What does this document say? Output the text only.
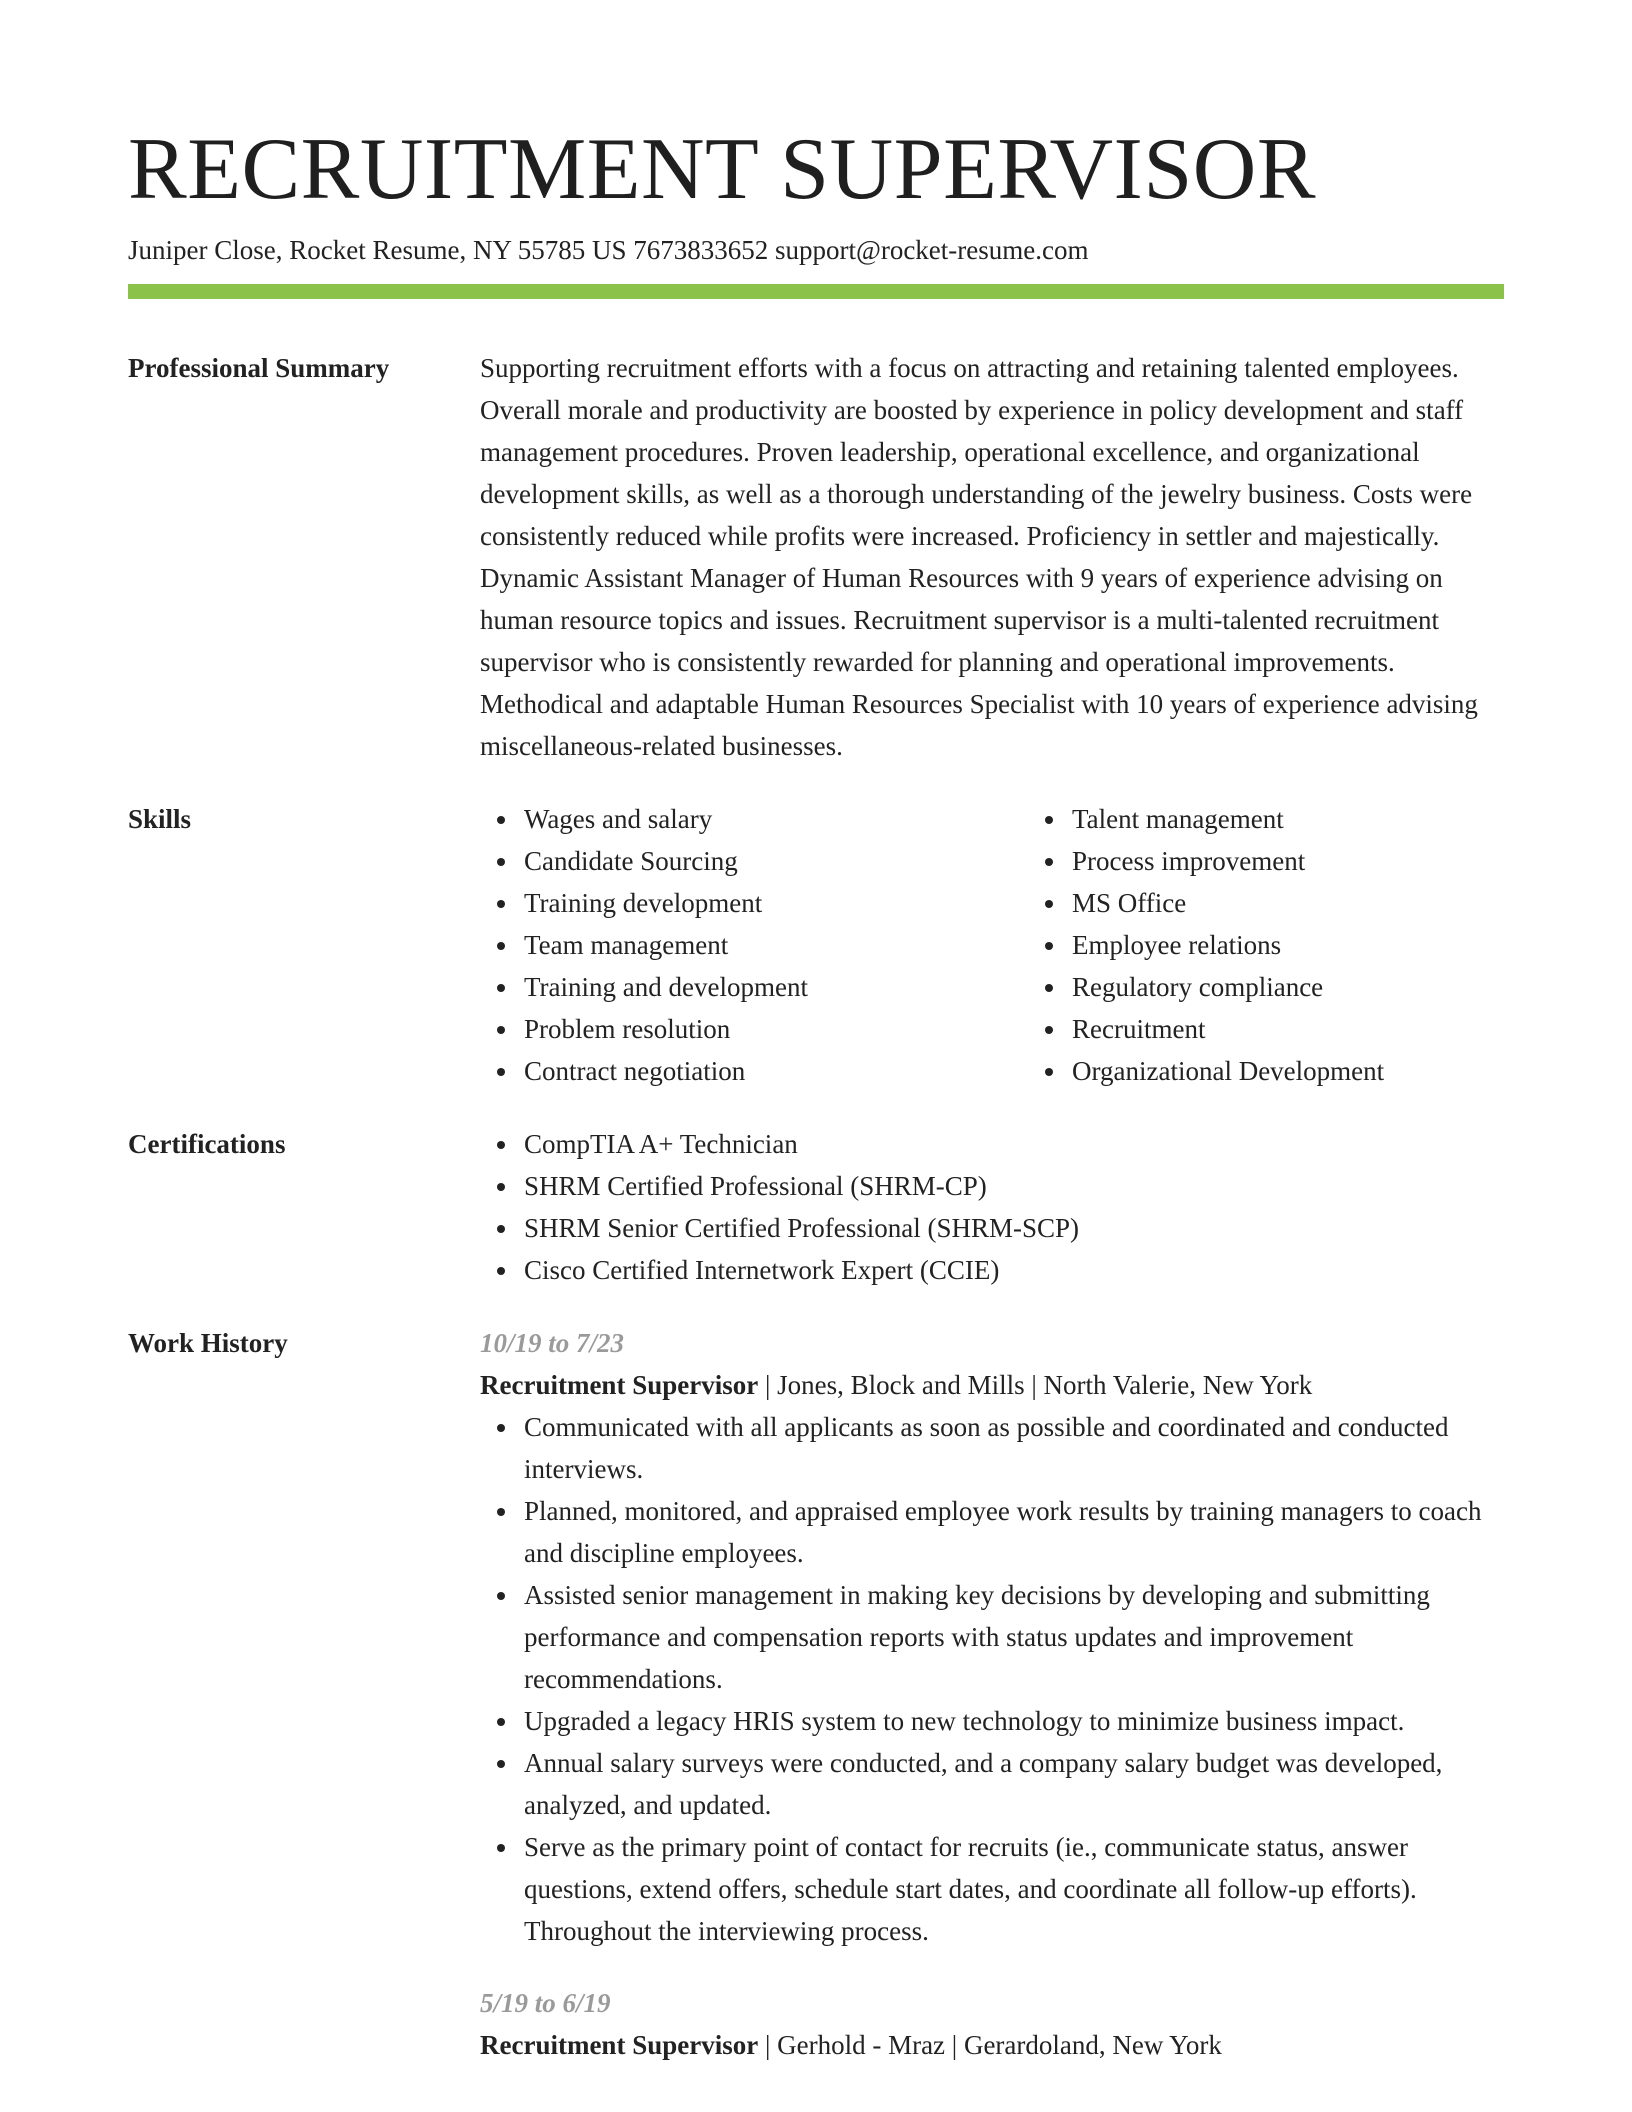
RECRUITMENT SUPERVISOR
Juniper Close, Rocket Resume, NY 55785 US 7673833652 support@rocket-resume.com
Professional Summary	Supporting recruitment efforts with a focus on attracting and retaining talented employees. Overall morale and productivity are boosted by experience in policy development and staff management procedures. Proven leadership, operational excellence, and organizational development skills, as well as a thorough understanding of the jewelry business. Costs were consistently reduced while profits were increased. Proficiency in settler and majestically. Dynamic Assistant Manager of Human Resources with 9 years of experience advising on human resource topics and issues. Recruitment supervisor is a multi-talented recruitment supervisor who is consistently rewarded for planning and operational improvements. Methodical and adaptable Human Resources Specialist with 10 years of experience advising miscellaneous-related businesses.

Skills	Wages and salary
Candidate Sourcing
Training development
Team management
Training and development
Problem resolution
Contract negotiation
Talent management
Process improvement
MS Office
Employee relations
Regulatory compliance
Recruitment
Organizational Development
Certifications	CompTIA A+ Technician
SHRM Certified Professional (SHRM-CP)
SHRM Senior Certified Professional (SHRM-SCP)
Cisco Certified Internetwork Expert (CCIE)
Work History	10/19 to 7/23
Recruitment Supervisor | Jones, Block and Mills | North Valerie, New York
Communicated with all applicants as soon as possible and coordinated and conducted interviews.
Planned, monitored, and appraised employee work results by training managers to coach and discipline employees.
Assisted senior management in making key decisions by developing and submitting performance and compensation reports with status updates and improvement recommendations.
Upgraded a legacy HRIS system to new technology to minimize business impact.
Annual salary surveys were conducted, and a company salary budget was developed, analyzed, and updated.
Serve as the primary point of contact for recruits (ie., communicate status, answer questions, extend offers, schedule start dates, and coordinate all follow-up efforts). Throughout the interviewing process.
5/19 to 6/19
Recruitment Supervisor | Gerhold - Mraz | Gerardoland, New York
